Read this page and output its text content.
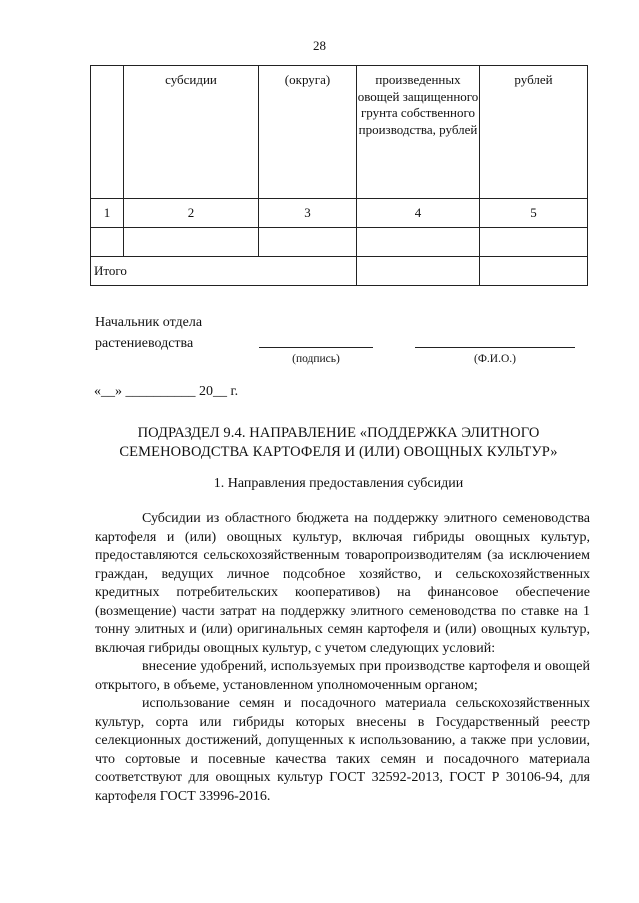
28
	субсидии	(округа)	произведенных овощей защищенного грунта собственного производства, рублей	рублей
1	2	3	4	5

Итого				
Начальник отдела
растениеводства
(подпись)	(Ф.И.О.)
«__» __________ 20__ г.
ПОДРАЗДЕЛ 9.4. НАПРАВЛЕНИЕ «ПОДДЕРЖКА ЭЛИТНОГО
СЕМЕНОВОДСТВА КАРТОФЕЛЯ И (ИЛИ) ОВОЩНЫХ КУЛЬТУР»
1. Направления предоставления субсидии

Субсидии из областного бюджета на поддержку элитного семеноводства картофеля и (или) овощных культур, включая гибриды овощных культур, предоставляются сельскохозяйственным товаропроизводителям (за исключением граждан, ведущих личное подсобное хозяйство, и сельскохозяйственных кредитных потребительских кооперативов) на финансовое обеспечение (возмещение) части затрат на поддержку элитного семеноводства по ставке на 1 тонну элитных и (или) оригинальных семян картофеля и (или) овощных культур, включая гибриды овощных культур, с учетом следующих условий:

внесение удобрений, используемых при производстве картофеля и овощей открытого, в объеме, установленном уполномоченным органом;

использование семян и посадочного материала сельскохозяйственных культур, сорта или гибриды которых внесены в Государственный реестр селекционных достижений, допущенных к использованию, а также при условии, что сортовые и посевные качества таких семян и посадочного материала соответствуют для овощных культур ГОСТ 32592-2013, ГОСТ Р 30106-94, для картофеля ГОСТ 33996-2016.
